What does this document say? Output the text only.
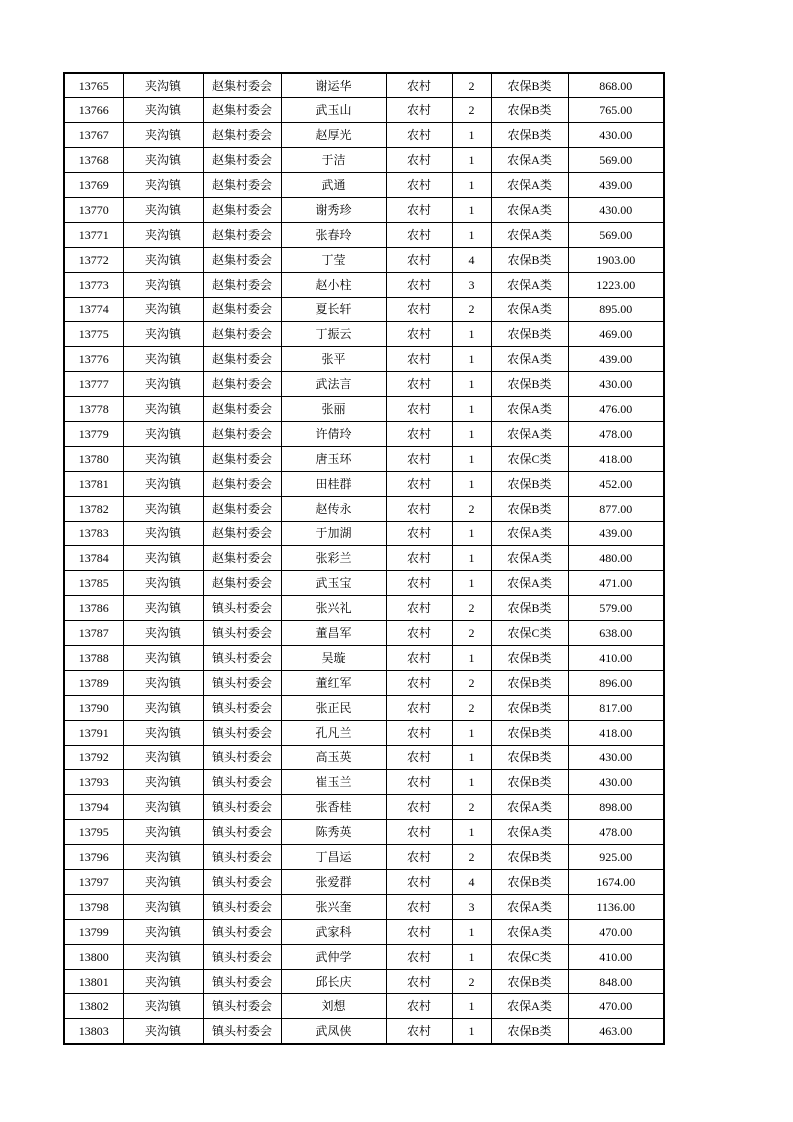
13765	夹沟镇	赵集村委会	谢运华	农村	2	农保B类	868.00
13766	夹沟镇	赵集村委会	武玉山	农村	2	农保B类	765.00
13767	夹沟镇	赵集村委会	赵厚光	农村	1	农保B类	430.00
13768	夹沟镇	赵集村委会	于洁	农村	1	农保A类	569.00
13769	夹沟镇	赵集村委会	武通	农村	1	农保A类	439.00
13770	夹沟镇	赵集村委会	谢秀珍	农村	1	农保A类	430.00
13771	夹沟镇	赵集村委会	张春玲	农村	1	农保A类	569.00
13772	夹沟镇	赵集村委会	丁莹	农村	4	农保B类	1903.00
13773	夹沟镇	赵集村委会	赵小柱	农村	3	农保A类	1223.00
13774	夹沟镇	赵集村委会	夏长轩	农村	2	农保A类	895.00
13775	夹沟镇	赵集村委会	丁振云	农村	1	农保B类	469.00
13776	夹沟镇	赵集村委会	张平	农村	1	农保A类	439.00
13777	夹沟镇	赵集村委会	武法言	农村	1	农保B类	430.00
13778	夹沟镇	赵集村委会	张丽	农村	1	农保A类	476.00
13779	夹沟镇	赵集村委会	许倩玲	农村	1	农保A类	478.00
13780	夹沟镇	赵集村委会	唐玉环	农村	1	农保C类	418.00
13781	夹沟镇	赵集村委会	田桂群	农村	1	农保B类	452.00
13782	夹沟镇	赵集村委会	赵传永	农村	2	农保B类	877.00
13783	夹沟镇	赵集村委会	于加湖	农村	1	农保A类	439.00
13784	夹沟镇	赵集村委会	张彩兰	农村	1	农保A类	480.00
13785	夹沟镇	赵集村委会	武玉宝	农村	1	农保A类	471.00
13786	夹沟镇	镇头村委会	张兴礼	农村	2	农保B类	579.00
13787	夹沟镇	镇头村委会	董昌军	农村	2	农保C类	638.00
13788	夹沟镇	镇头村委会	吴璇	农村	1	农保B类	410.00
13789	夹沟镇	镇头村委会	董红军	农村	2	农保B类	896.00
13790	夹沟镇	镇头村委会	张正民	农村	2	农保B类	817.00
13791	夹沟镇	镇头村委会	孔凡兰	农村	1	农保B类	418.00
13792	夹沟镇	镇头村委会	高玉英	农村	1	农保B类	430.00
13793	夹沟镇	镇头村委会	崔玉兰	农村	1	农保B类	430.00
13794	夹沟镇	镇头村委会	张香桂	农村	2	农保A类	898.00
13795	夹沟镇	镇头村委会	陈秀英	农村	1	农保A类	478.00
13796	夹沟镇	镇头村委会	丁昌运	农村	2	农保B类	925.00
13797	夹沟镇	镇头村委会	张爱群	农村	4	农保B类	1674.00
13798	夹沟镇	镇头村委会	张兴奎	农村	3	农保A类	1136.00
13799	夹沟镇	镇头村委会	武家科	农村	1	农保A类	470.00
13800	夹沟镇	镇头村委会	武仲学	农村	1	农保C类	410.00
13801	夹沟镇	镇头村委会	邱长庆	农村	2	农保B类	848.00
13802	夹沟镇	镇头村委会	刘想	农村	1	农保A类	470.00
13803	夹沟镇	镇头村委会	武凤侠	农村	1	农保B类	463.00
